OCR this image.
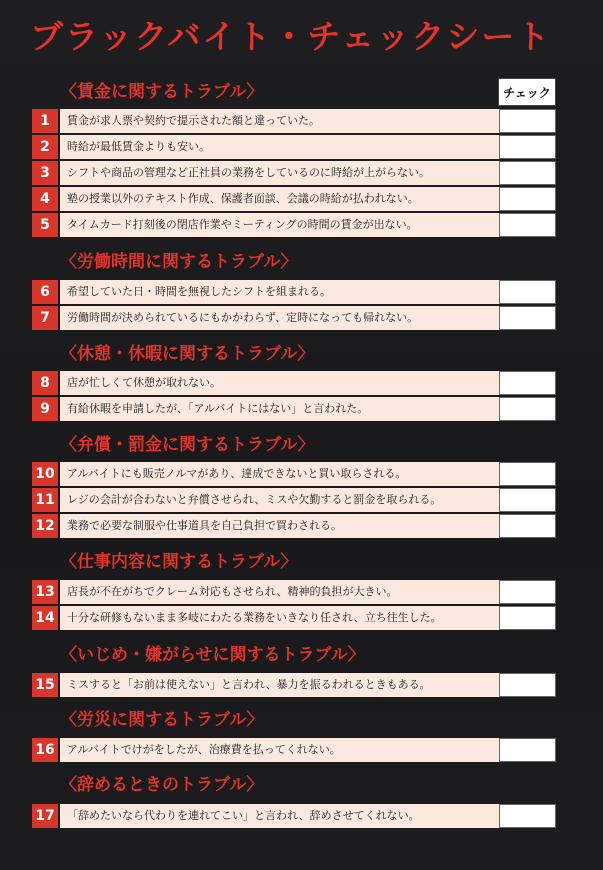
ブラックバイト・チェックシート
チェック
〈賃金に関するトラブル〉
1	賃金が求人票や契約で提示された額と違っていた。
2	時給が最低賃金よりも安い。
3	シフトや商品の管理など正社員の業務をしているのに時給が上がらない。
4	塾の授業以外のテキスト作成、保護者面談、会議の時給が払われない。
5	タイムカード打刻後の閉店作業やミーティングの時間の賃金が出ない。
〈労働時間に関するトラブル〉
6	希望していた日・時間を無視したシフトを組まれる。
7	労働時間が決められているにもかかわらず、定時になっても帰れない。
〈休憩・休暇に関するトラブル〉
8	店が忙しくて休憩が取れない。
9	有給休暇を申請したが、「アルバイトにはない」と言われた。
〈弁償・罰金に関するトラブル〉
10	アルバイトにも販売ノルマがあり、達成できないと買い取らされる。
11	レジの会計が合わないと弁償させられ、ミスや欠勤すると罰金を取られる。
12	業務で必要な制服や仕事道具を自己負担で買わされる。
〈仕事内容に関するトラブル〉
13	店長が不在がちでクレーム対応もさせられ、精神的負担が大きい。
14	十分な研修もないまま多岐にわたる業務をいきなり任され、立ち往生した。
〈いじめ・嫌がらせに関するトラブル〉
15	ミスすると「お前は使えない」と言われ、暴力を振るわれるときもある。
〈労災に関するトラブル〉
16	アルバイトでけがをしたが、治療費を払ってくれない。
〈辞めるときのトラブル〉
17	「辞めたいなら代わりを連れてこい」と言われ、辞めさせてくれない。
